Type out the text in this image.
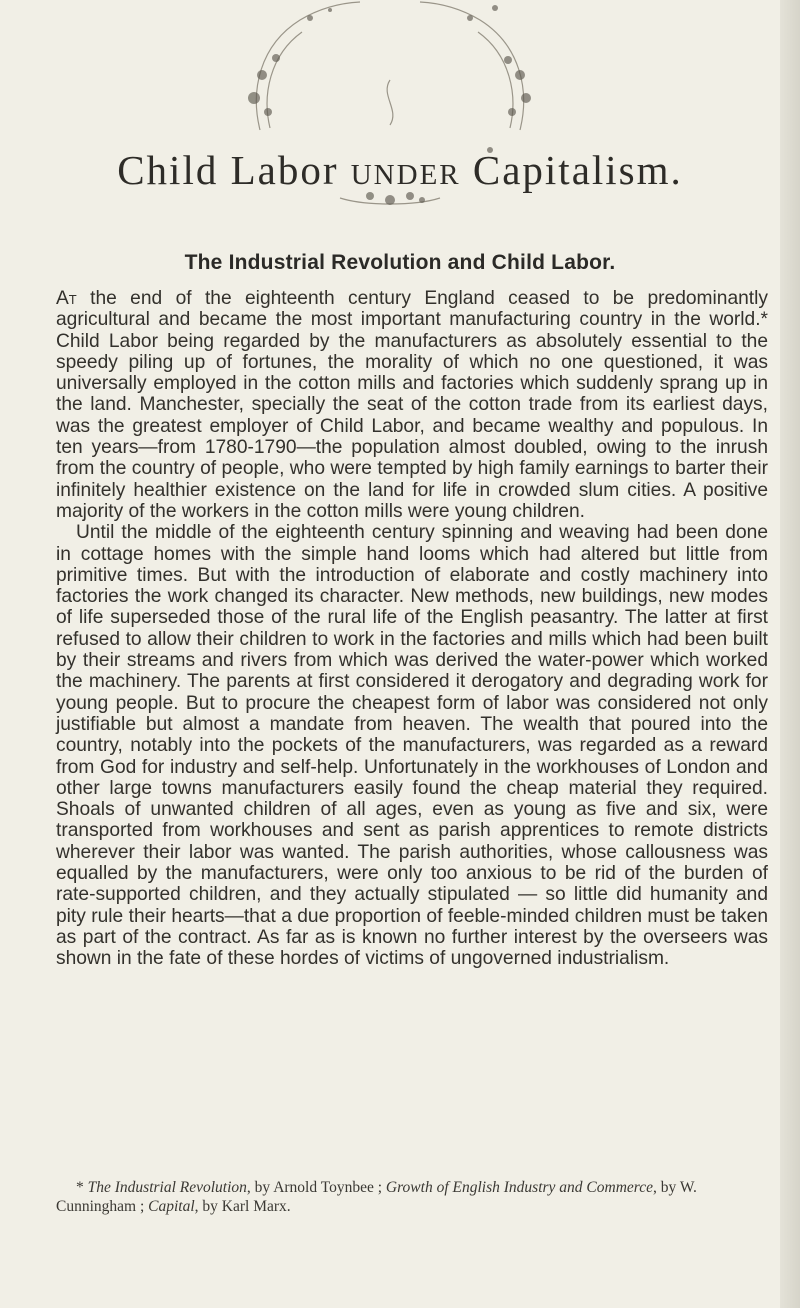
Child Labor under Capitalism.
The Industrial Revolution and Child Labor.

At the end of the eighteenth century England ceased to be predominantly agricultural and became the most important manufacturing country in the world.* Child Labor being regarded by the manufacturers as absolutely essential to the speedy piling up of fortunes, the morality of which no one questioned, it was universally employed in the cotton mills and factories which suddenly sprang up in the land. Manchester, specially the seat of the cotton trade from its earliest days, was the greatest employer of Child Labor, and became wealthy and populous. In ten years—from 1780-1790—the population almost doubled, owing to the inrush from the country of people, who were tempted by high family earnings to barter their infinitely healthier existence on the land for life in crowded slum cities. A positive majority of the workers in the cotton mills were young children.

Until the middle of the eighteenth century spinning and weaving had been done in cottage homes with the simple hand looms which had altered but little from primitive times. But with the introduction of elaborate and costly machinery into factories the work changed its character. New methods, new buildings, new modes of life superseded those of the rural life of the English peasantry. The latter at first refused to allow their children to work in the factories and mills which had been built by their streams and rivers from which was derived the water-power which worked the machinery. The parents at first considered it derogatory and degrading work for young people. But to procure the cheapest form of labor was considered not only justifiable but almost a mandate from heaven. The wealth that poured into the country, notably into the pockets of the manufacturers, was regarded as a reward from God for industry and self-help. Unfortunately in the workhouses of London and other large towns manufacturers easily found the cheap material they required. Shoals of unwanted children of all ages, even as young as five and six, were transported from workhouses and sent as parish apprentices to remote districts wherever their labor was wanted. The parish authorities, whose callousness was equalled by the manufacturers, were only too anxious to be rid of the burden of rate-supported children, and they actually stipulated — so little did humanity and pity rule their hearts—that a due proportion of feeble-minded children must be taken as part of the contract. As far as is known no further interest by the overseers was shown in the fate of these hordes of victims of ungoverned industrialism.

* The Industrial Revolution, by Arnold Toynbee ; Growth of English Industry and Commerce, by W. Cunningham ; Capital, by Karl Marx.
